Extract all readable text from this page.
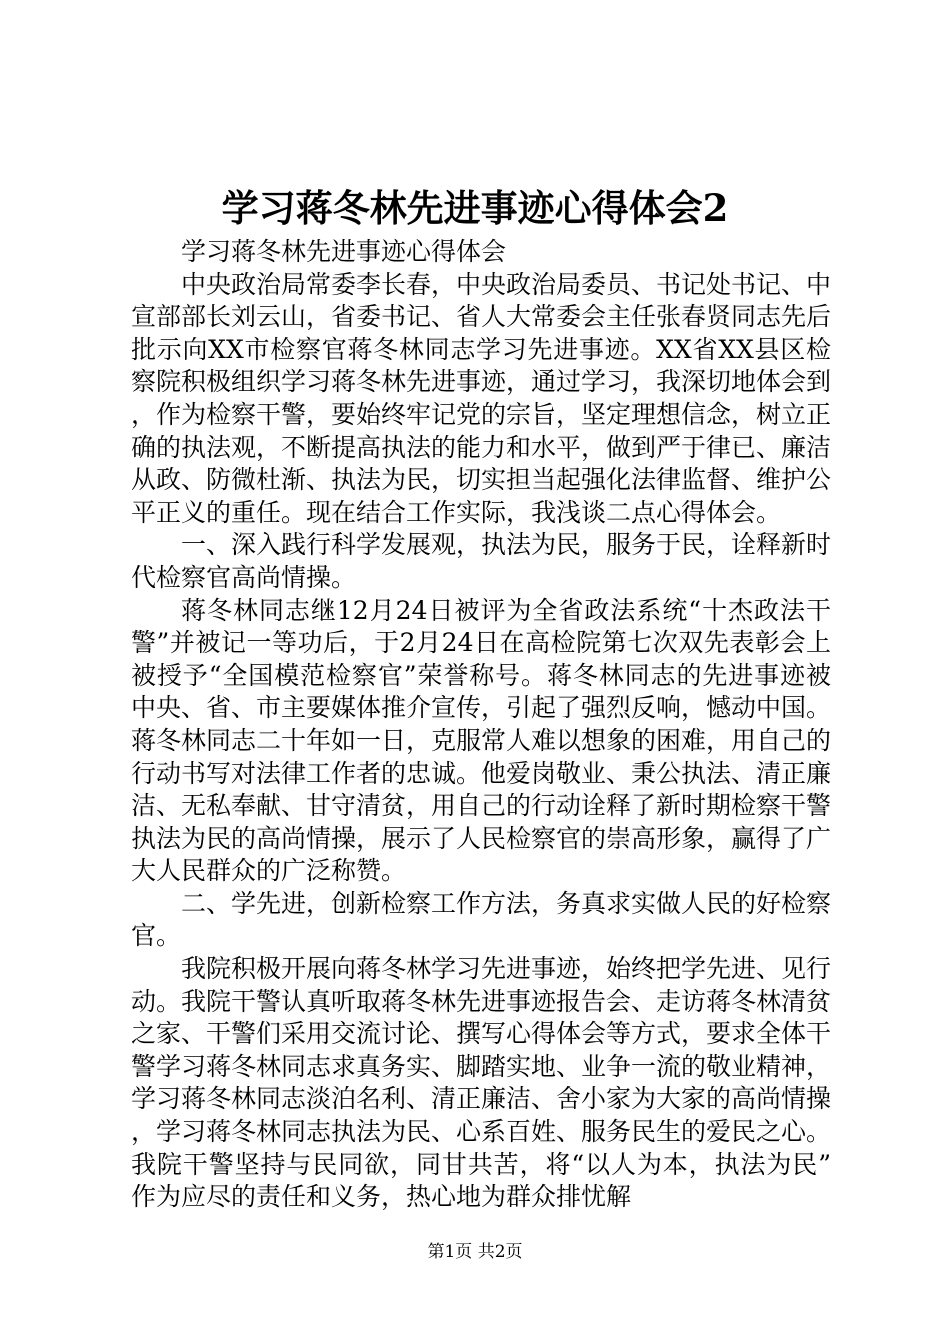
学习蒋冬林先进事迹心得体会2

学习蒋冬林先进事迹心得体会

中央政治局常委李长春，中央政治局委员、书记处书记、中宣部部长刘云山，省委书记、省人大常委会主任张春贤同志先后批示向XX市检察官蒋冬林同志学习先进事迹。XX省XX县区检察院积极组织学习蒋冬林先进事迹，通过学习，我深切地体会到，作为检察干警，要始终牢记党的宗旨，坚定理想信念，树立正确的执法观，不断提高执法的能力和水平，做到严于律已、廉洁从政、防微杜渐、执法为民，切实担当起强化法律监督、维护公平正义的重任。现在结合工作实际，我浅谈二点心得体会。

一、深入践行科学发展观，执法为民，服务于民，诠释新时代检察官高尚情操。

蒋冬林同志继12月24日被评为全省政法系统“十杰政法干警”并被记一等功后，于2月24日在高检院第七次双先表彰会上被授予“全国模范检察官”荣誉称号。蒋冬林同志的先进事迹被中央、省、市主要媒体推介宣传，引起了强烈反响，憾动中国。蒋冬林同志二十年如一日，克服常人难以想象的困难，用自己的行动书写对法律工作者的忠诚。他爱岗敬业、秉公执法、清正廉洁、无私奉献、甘守清贫，用自己的行动诠释了新时期检察干警执法为民的高尚情操，展示了人民检察官的崇高形象，赢得了广大人民群众的广泛称赞。

二、学先进，创新检察工作方法，务真求实做人民的好检察官。

我院积极开展向蒋冬林学习先进事迹，始终把学先进、见行动。我院干警认真听取蒋冬林先进事迹报告会、走访蒋冬林清贫之家、干警们采用交流讨论、撰写心得体会等方式，要求全体干警学习蒋冬林同志求真务实、脚踏实地、业争一流的敬业精神，学习蒋冬林同志淡泊名利、清正廉洁、舍小家为大家的高尚情操，学习蒋冬林同志执法为民、心系百姓、服务民生的爱民之心。我院干警坚持与民同欲，同甘共苦，将“以人为本，执法为民”作为应尽的责任和义务，热心地为群众排忧解

第1页 共2页
